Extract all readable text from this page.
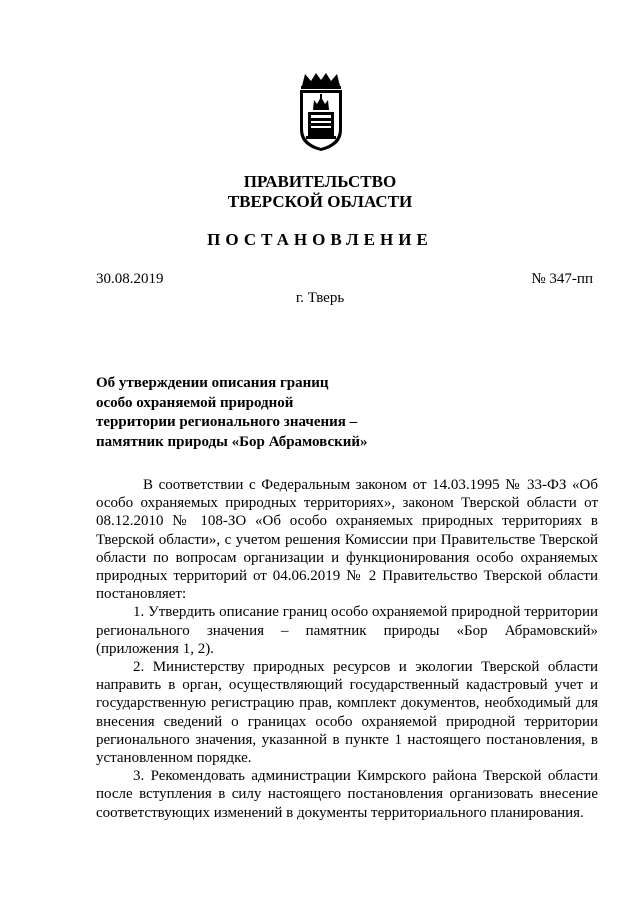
ПРАВИТЕЛЬСТВО
ТВЕРСКОЙ ОБЛАСТИ
ПОСТАНОВЛЕНИЕ
30.08.2019	№ 347-пп
г. Тверь
Об утверждении описания границ
особо охраняемой природной
территории регионального значения –
памятник природы «Бор Абрамовский»

В соответствии с Федеральным законом от 14.03.1995 № 33-ФЗ «Об особо охраняемых природных территориях», законом Тверской области от 08.12.2010 № 108-ЗО «Об особо охраняемых природных территориях в Тверской области», с учетом решения Комиссии при Правительстве Тверской области по вопросам организации и функционирования особо охраняемых природных территорий от 04.06.2019 № 2 Правительство Тверской области постановляет:

1. Утвердить описание границ особо охраняемой природной территории регионального значения – памятник природы «Бор Абрамовский» (приложения 1, 2).

2. Министерству природных ресурсов и экологии Тверской области направить в орган, осуществляющий государственный кадастровый учет и государственную регистрацию прав, комплект документов, необходимый для внесения сведений о границах особо охраняемой природной территории регионального значения, указанной в пункте 1 настоящего постановления, в установленном порядке.

3. Рекомендовать администрации Кимрского района Тверской области после вступления в силу настоящего постановления организовать внесение соответствующих изменений в документы территориального планирования.
